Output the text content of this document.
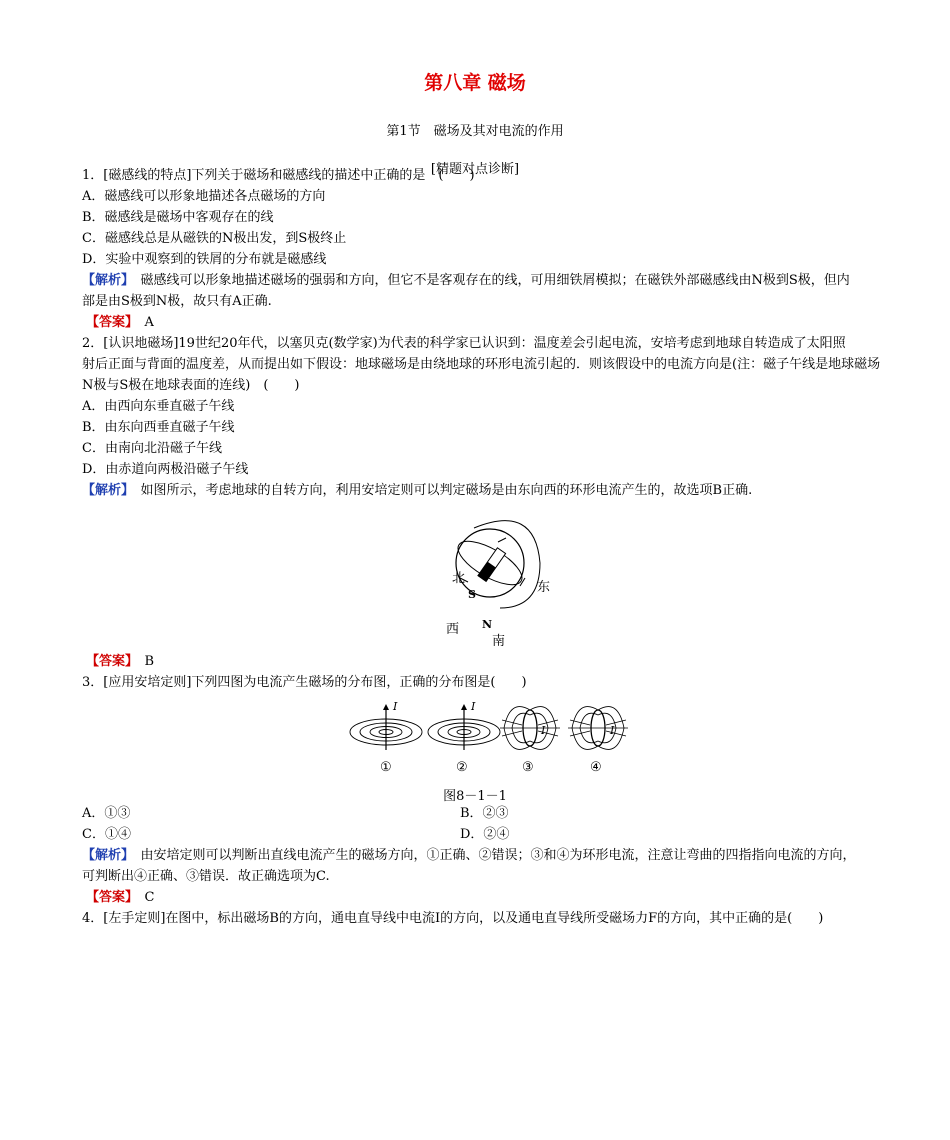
第八章 磁场
第1节　磁场及其对电流的作用
[精题对点诊断]
1．[磁感线的特点]下列关于磁场和磁感线的描述中正确的是　(　　)
A．磁感线可以形象地描述各点磁场的方向
B．磁感线是磁场中客观存在的线
C．磁感线总是从磁铁的N极出发，到S极终止
D．实验中观察到的铁屑的分布就是磁感线
【解析】　磁感线可以形象地描述磁场的强弱和方向，但它不是客观存在的线，可用细铁屑模拟；在磁铁外部磁感线由N极到S极，但内
部是由S极到N极，故只有A正确.
【答案】　A
2．[认识地磁场]19世纪20年代，以塞贝克(数学家)为代表的科学家已认识到：温度差会引起电流，安培考虑到地球自转造成了太阳照
射后正面与背面的温度差，从而提出如下假设：地球磁场是由绕地球的环形电流引起的．则该假设中的电流方向是(注：磁子午线是地球磁场
N极与S极在地球表面的连线)　(　　)
A．由西向东垂直磁子午线
B．由东向西垂直磁子午线
C．由南向北沿磁子午线
D．由赤道向两极沿磁子午线
【解析】　如图所示，考虑地球的自转方向，利用安培定则可以判定磁场是由东向西的环形电流产生的，故选项B正确.
北
东
西
南
S
N
【答案】　B
3．[应用安培定则]下列四图为电流产生磁场的分布图，正确的分布图是(　　)
I	I
I	I
①	②	③	④
图8－1－1
A．①③	B．②③
C．①④	D．②④
【解析】　由安培定则可以判断出直线电流产生的磁场方向，①正确、②错误；③和④为环形电流，注意让弯曲的四指指向电流的方向，
可判断出④正确、③错误．故正确选项为C.
【答案】　C
4．[左手定则]在图中，标出磁场B的方向，通电直导线中电流I的方向，以及通电直导线所受磁场力F的方向，其中正确的是(　　)
